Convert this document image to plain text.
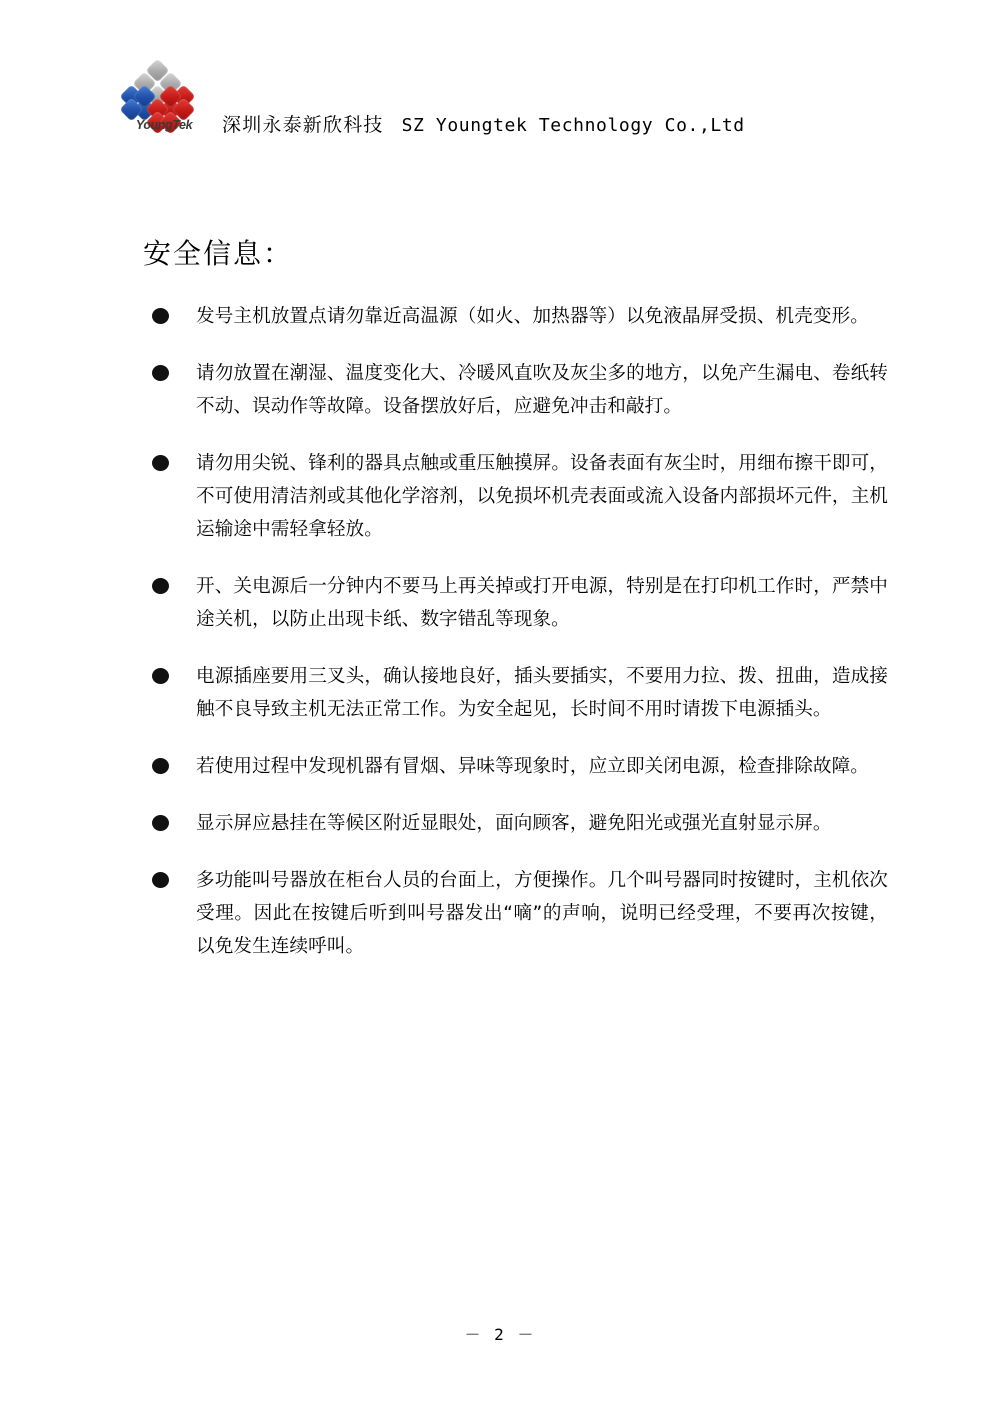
YoungTek	深圳永泰新欣科技 SZ Youngtek Technology Co.,Ltd
安全信息：
发号主机放置点请勿靠近高温源（如火、加热器等）以免液晶屏受损、机壳变形。
请勿放置在潮湿、温度变化大、冷暖风直吹及灰尘多的地方，以免产生漏电、卷纸转不动、误动作等故障。设备摆放好后，应避免冲击和敲打。
请勿用尖锐、锋利的器具点触或重压触摸屏。设备表面有灰尘时，用细布擦干即可，不可使用清洁剂或其他化学溶剂，以免损坏机壳表面或流入设备内部损坏元件，主机运输途中需轻拿轻放。
开、关电源后一分钟内不要马上再关掉或打开电源，特别是在打印机工作时，严禁中途关机，以防止出现卡纸、数字错乱等现象。
电源插座要用三叉头，确认接地良好，插头要插实，不要用力拉、拨、扭曲，造成接触不良导致主机无法正常工作。为安全起见，长时间不用时请拨下电源插头。
若使用过程中发现机器有冒烟、异味等现象时，应立即关闭电源，检查排除故障。
显示屏应悬挂在等候区附近显眼处，面向顾客，避免阳光或强光直射显示屏。
多功能叫号器放在柜台人员的台面上，方便操作。几个叫号器同时按键时，主机依次受理。因此在按键后听到叫号器发出“嘀”的声响，说明已经受理，不要再次按键，以免发生连续呼叫。
－ 2 －
